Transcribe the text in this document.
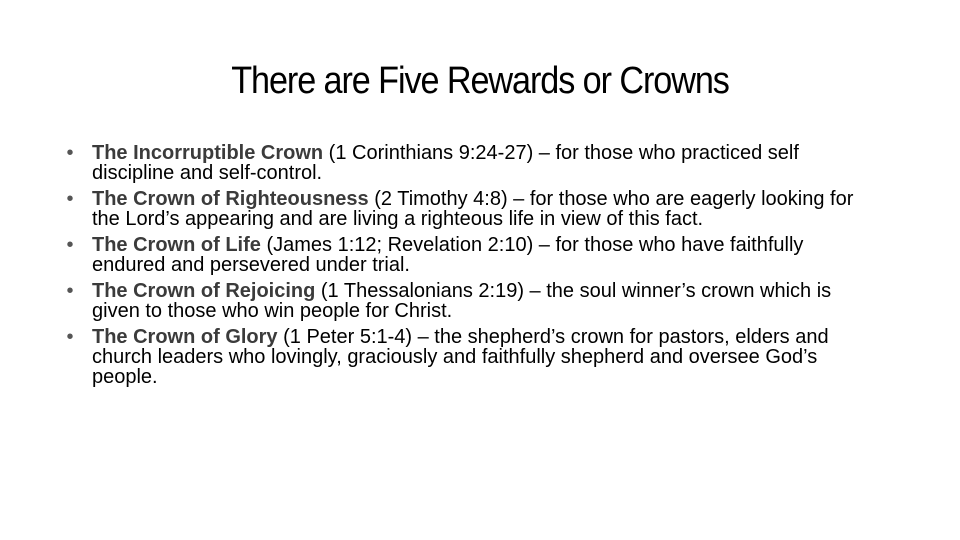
There are Five Rewards or Crowns
• The Incorruptible Crown (1 Corinthians 9:24-27) – for those who practiced self discipline and self-control.
• The Crown of Righteousness (2 Timothy 4:8) – for those who are eagerly looking for the Lord’s appearing and are living a righteous life in view of this fact.
• The Crown of Life (James 1:12; Revelation 2:10) – for those who have faithfully endured and persevered under trial.
• The Crown of Rejoicing (1 Thessalonians 2:19) – the soul winner’s crown which is given to those who win people for Christ.
• The Crown of Glory (1 Peter 5:1-4) – the shepherd’s crown for pastors, elders and church leaders who lovingly, graciously and faithfully shepherd and oversee God’s people.
